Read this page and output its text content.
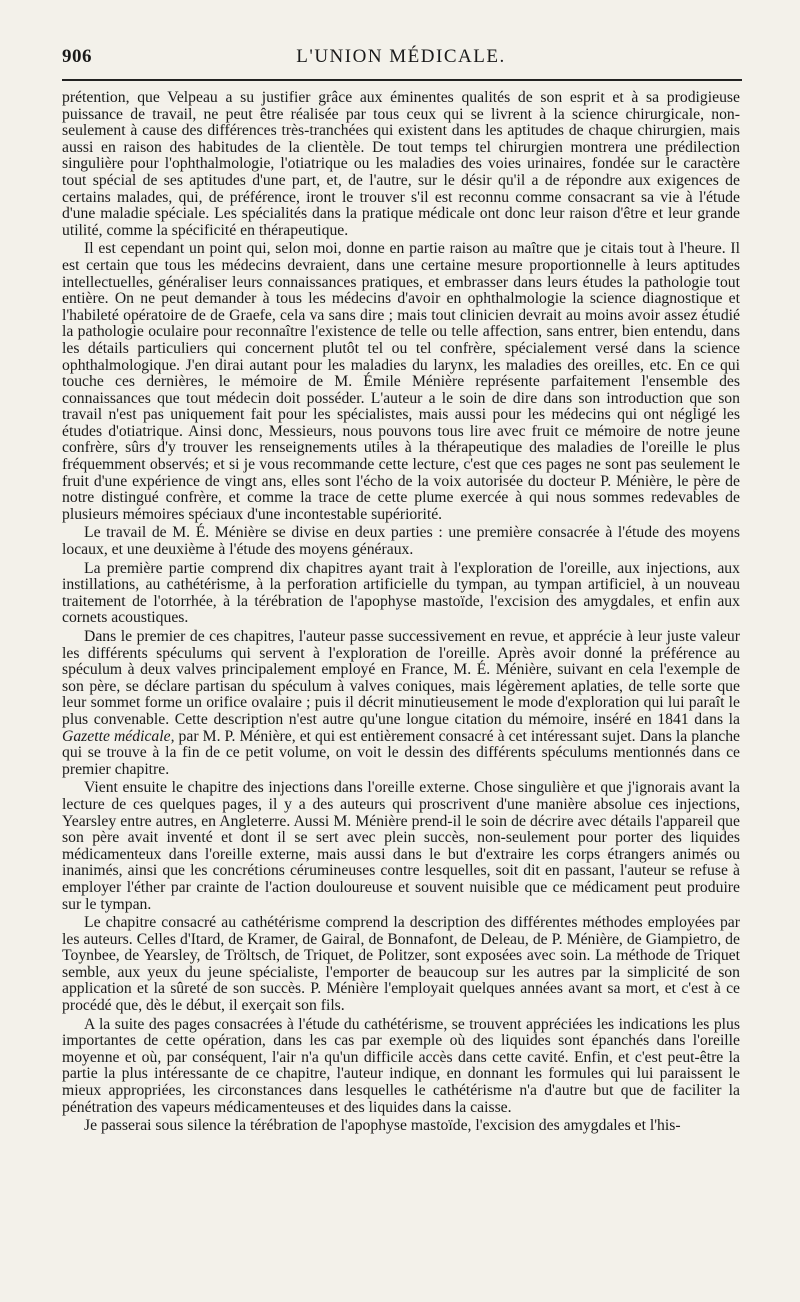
906	L'UNION MÉDICALE.

prétention, que Velpeau a su justifier grâce aux éminentes qualités de son esprit et à sa prodigieuse puissance de travail, ne peut être réalisée par tous ceux qui se livrent à la science chirurgicale, non-seulement à cause des différences très-tranchées qui existent dans les aptitudes de chaque chirurgien, mais aussi en raison des habitudes de la clientèle. De tout temps tel chirurgien montrera une prédilection singulière pour l'ophthalmologie, l'otiatrique ou les maladies des voies urinaires, fondée sur le caractère tout spécial de ses aptitudes d'une part, et, de l'autre, sur le désir qu'il a de répondre aux exigences de certains malades, qui, de préférence, iront le trouver s'il est reconnu comme consacrant sa vie à l'étude d'une maladie spéciale. Les spécialités dans la pratique médicale ont donc leur raison d'être et leur grande utilité, comme la spécificité en thérapeutique.

Il est cependant un point qui, selon moi, donne en partie raison au maître que je citais tout à l'heure. Il est certain que tous les médecins devraient, dans une certaine mesure proportionnelle à leurs aptitudes intellectuelles, généraliser leurs connaissances pratiques, et embrasser dans leurs études la pathologie tout entière. On ne peut demander à tous les médecins d'avoir en ophthalmologie la science diagnostique et l'habileté opératoire de de Graefe, cela va sans dire ; mais tout clinicien devrait au moins avoir assez étudié la pathologie oculaire pour reconnaître l'existence de telle ou telle affection, sans entrer, bien entendu, dans les détails particuliers qui concernent plutôt tel ou tel confrère, spécialement versé dans la science ophthalmologique. J'en dirai autant pour les maladies du larynx, les maladies des oreilles, etc. En ce qui touche ces dernières, le mémoire de M. Émile Ménière représente parfaitement l'ensemble des connaissances que tout médecin doit posséder. L'auteur a le soin de dire dans son introduction que son travail n'est pas uniquement fait pour les spécialistes, mais aussi pour les médecins qui ont négligé les études d'otiatrique. Ainsi donc, Messieurs, nous pouvons tous lire avec fruit ce mémoire de notre jeune confrère, sûrs d'y trouver les renseignements utiles à la thérapeutique des maladies de l'oreille le plus fréquemment observés; et si je vous recommande cette lecture, c'est que ces pages ne sont pas seulement le fruit d'une expérience de vingt ans, elles sont l'écho de la voix autorisée du docteur P. Ménière, le père de notre distingué confrère, et comme la trace de cette plume exercée à qui nous sommes redevables de plusieurs mémoires spéciaux d'une incontestable supériorité.

Le travail de M. É. Ménière se divise en deux parties : une première consacrée à l'étude des moyens locaux, et une deuxième à l'étude des moyens généraux.

La première partie comprend dix chapitres ayant trait à l'exploration de l'oreille, aux injections, aux instillations, au cathétérisme, à la perforation artificielle du tympan, au tympan artificiel, à un nouveau traitement de l'otorrhée, à la térébration de l'apophyse mastoïde, l'excision des amygdales, et enfin aux cornets acoustiques.

Dans le premier de ces chapitres, l'auteur passe successivement en revue, et apprécie à leur juste valeur les différents spéculums qui servent à l'exploration de l'oreille. Après avoir donné la préférence au spéculum à deux valves principalement employé en France, M. É. Ménière, suivant en cela l'exemple de son père, se déclare partisan du spéculum à valves coniques, mais légèrement aplaties, de telle sorte que leur sommet forme un orifice ovalaire ; puis il décrit minutieusement le mode d'exploration qui lui paraît le plus convenable. Cette description n'est autre qu'une longue citation du mémoire, inséré en 1841 dans la Gazette médicale, par M. P. Ménière, et qui est entièrement consacré à cet intéressant sujet. Dans la planche qui se trouve à la fin de ce petit volume, on voit le dessin des différents spéculums mentionnés dans ce premier chapitre.

Vient ensuite le chapitre des injections dans l'oreille externe. Chose singulière et que j'ignorais avant la lecture de ces quelques pages, il y a des auteurs qui proscrivent d'une manière absolue ces injections, Yearsley entre autres, en Angleterre. Aussi M. Ménière prend-il le soin de décrire avec détails l'appareil que son père avait inventé et dont il se sert avec plein succès, non-seulement pour porter des liquides médicamenteux dans l'oreille externe, mais aussi dans le but d'extraire les corps étrangers animés ou inanimés, ainsi que les concrétions cérumineuses contre lesquelles, soit dit en passant, l'auteur se refuse à employer l'éther par crainte de l'action douloureuse et souvent nuisible que ce médicament peut produire sur le tympan.

Le chapitre consacré au cathétérisme comprend la description des différentes méthodes employées par les auteurs. Celles d'Itard, de Kramer, de Gairal, de Bonnafont, de Deleau, de P. Ménière, de Giampietro, de Toynbee, de Yearsley, de Tröltsch, de Triquet, de Politzer, sont exposées avec soin. La méthode de Triquet semble, aux yeux du jeune spécialiste, l'emporter de beaucoup sur les autres par la simplicité de son application et la sûreté de son succès. P. Ménière l'employait quelques années avant sa mort, et c'est à ce procédé que, dès le début, il exerçait son fils.

A la suite des pages consacrées à l'étude du cathétérisme, se trouvent appréciées les indications les plus importantes de cette opération, dans les cas par exemple où des liquides sont épanchés dans l'oreille moyenne et où, par conséquent, l'air n'a qu'un difficile accès dans cette cavité. Enfin, et c'est peut-être la partie la plus intéressante de ce chapitre, l'auteur indique, en donnant les formules qui lui paraissent le mieux appropriées, les circonstances dans lesquelles le cathétérisme n'a d'autre but que de faciliter la pénétration des vapeurs médicamenteuses et des liquides dans la caisse.

Je passerai sous silence la térébration de l'apophyse mastoïde, l'excision des amygdales et l'his-
